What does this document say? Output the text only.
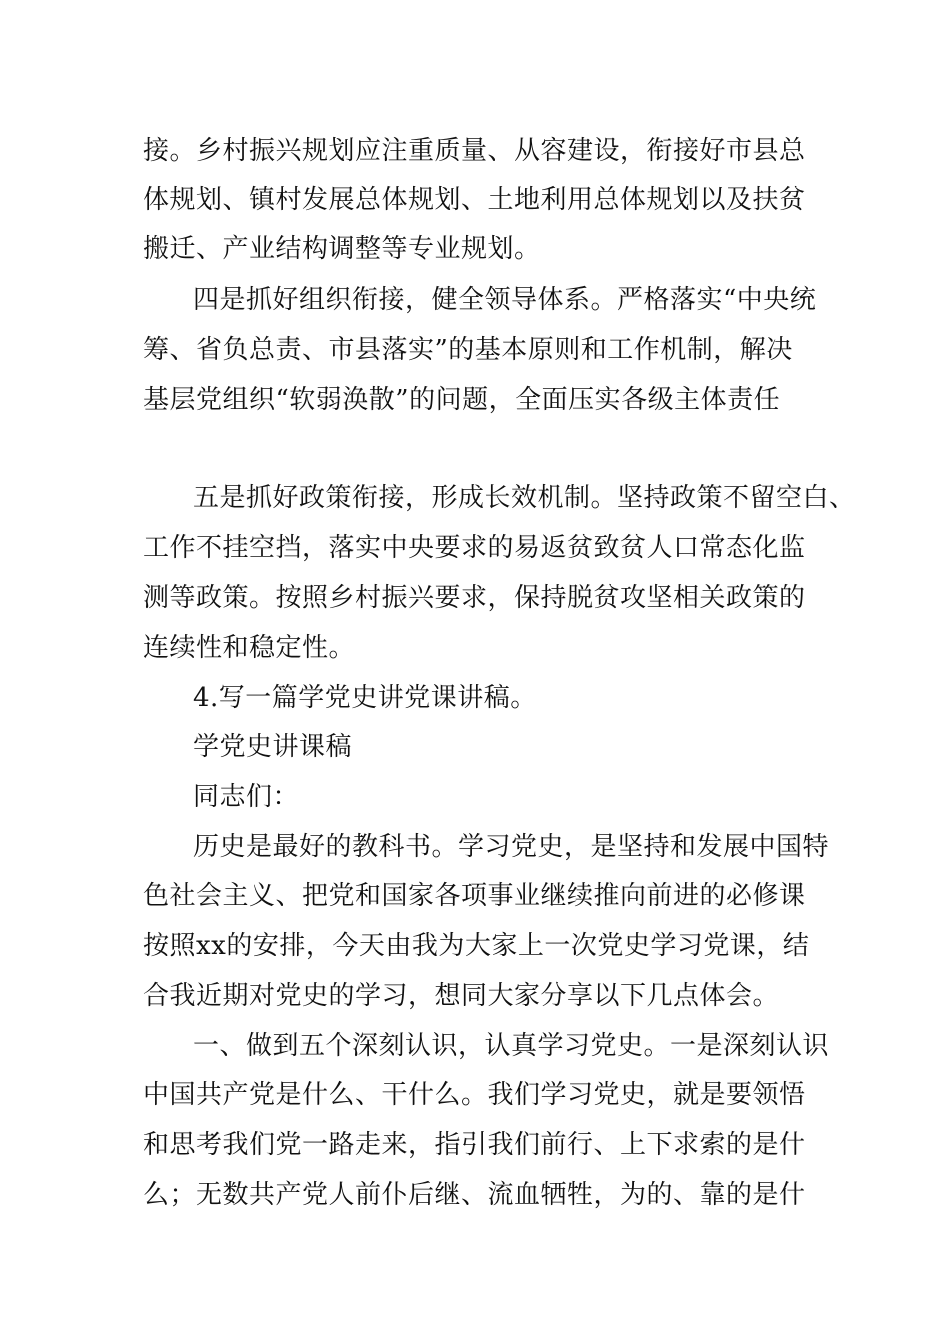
接。乡村振兴规划应注重质量、从容建设，衔接好市县总
体规划、镇村发展总体规划、土地利用总体规划以及扶贫
搬迁、产业结构调整等专业规划。
四是抓好组织衔接，健全领导体系。严格落实“中央统
筹、省负总责、市县落实”的基本原则和工作机制，解决
基层党组织“软弱涣散”的问题，全面压实各级主体责任
五是抓好政策衔接，形成长效机制。坚持政策不留空白、
工作不挂空挡，落实中央要求的易返贫致贫人口常态化监
测等政策。按照乡村振兴要求，保持脱贫攻坚相关政策的
连续性和稳定性。
4.写一篇学党史讲党课讲稿。
学党史讲课稿
同志们：
历史是最好的教科书。学习党史，是坚持和发展中国特
色社会主义、把党和国家各项事业继续推向前进的必修课
按照xx的安排，今天由我为大家上一次党史学习党课，结
合我近期对党史的学习，想同大家分享以下几点体会。
一、做到五个深刻认识，认真学习党史。一是深刻认识
中国共产党是什么、干什么。我们学习党史，就是要领悟
和思考我们党一路走来，指引我们前行、上下求索的是什
么；无数共产党人前仆后继、流血牺牲，为的、靠的是什
